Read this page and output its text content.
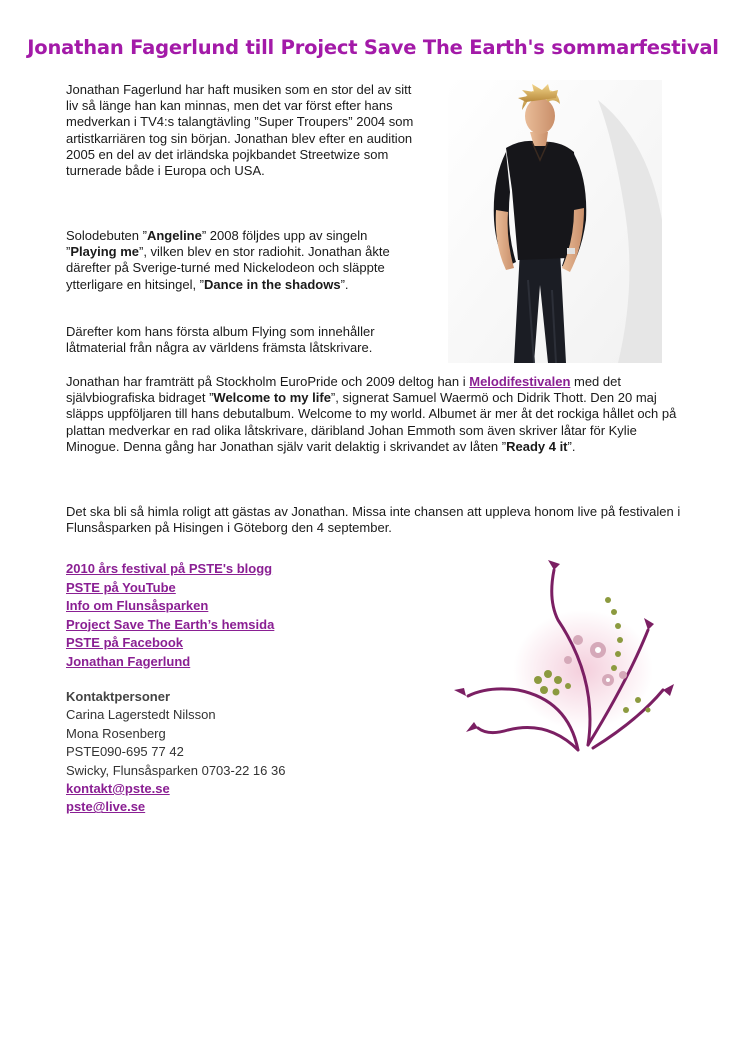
Jonathan Fagerlund till Project Save The Earth's sommarfestival

Jonathan Fagerlund har haft musiken som en stor del av sitt liv så länge han kan minnas, men det var först efter hans medverkan i TV4:s talangtävling ”Super Troupers” 2004 som artistkarriären tog sin början. Jonathan blev efter en audition 2005 en del av det irländska pojkbandet Streetwize som turnerade både i Europa och USA.

Solodebuten ”Angeline” 2008 följdes upp av singeln ”Playing me”, vilken blev en stor radiohit. Jonathan åkte därefter på Sverige-turné med Nickelodeon och släppte ytterligare en hitsingel, ”Dance in the shadows”.

Därefter kom hans första album Flying som innehåller låtmaterial från några av världens främsta låtskrivare.

Jonathan har framträtt på Stockholm EuroPride och 2009 deltog han i Melodifestivalen med det självbiografiska bidraget ”Welcome to my life”, signerat Samuel Waermö och Didrik Thott. Den 20 maj släpps uppföljaren till hans debutalbum. Welcome to my world. Albumet är mer åt det rockiga hållet och på plattan medverkar en rad olika låtskrivare, däribland Johan Emmoth som även skriver låtar för Kylie Minogue. Denna gång har Jonathan själv varit delaktig i skrivandet av låten ”Ready 4 it”.

Det ska bli så himla roligt att gästas av Jonathan. Missa inte chansen att uppleva honom live på festivalen i Flunsåsparken på Hisingen i Göteborg den 4 september.

2010 års festival på PSTE's blogg
PSTE på YouTube
Info om Flunsåsparken
Project Save The Earth’s hemsida
PSTE på Facebook
Jonathan Fagerlund
Kontaktpersoner
Carina Lagerstedt Nilsson
Mona Rosenberg
PSTE090-695 77 42
Swicky, Flunsåsparken 0703-22 16 36
kontakt@pste.se
pste@live.se
